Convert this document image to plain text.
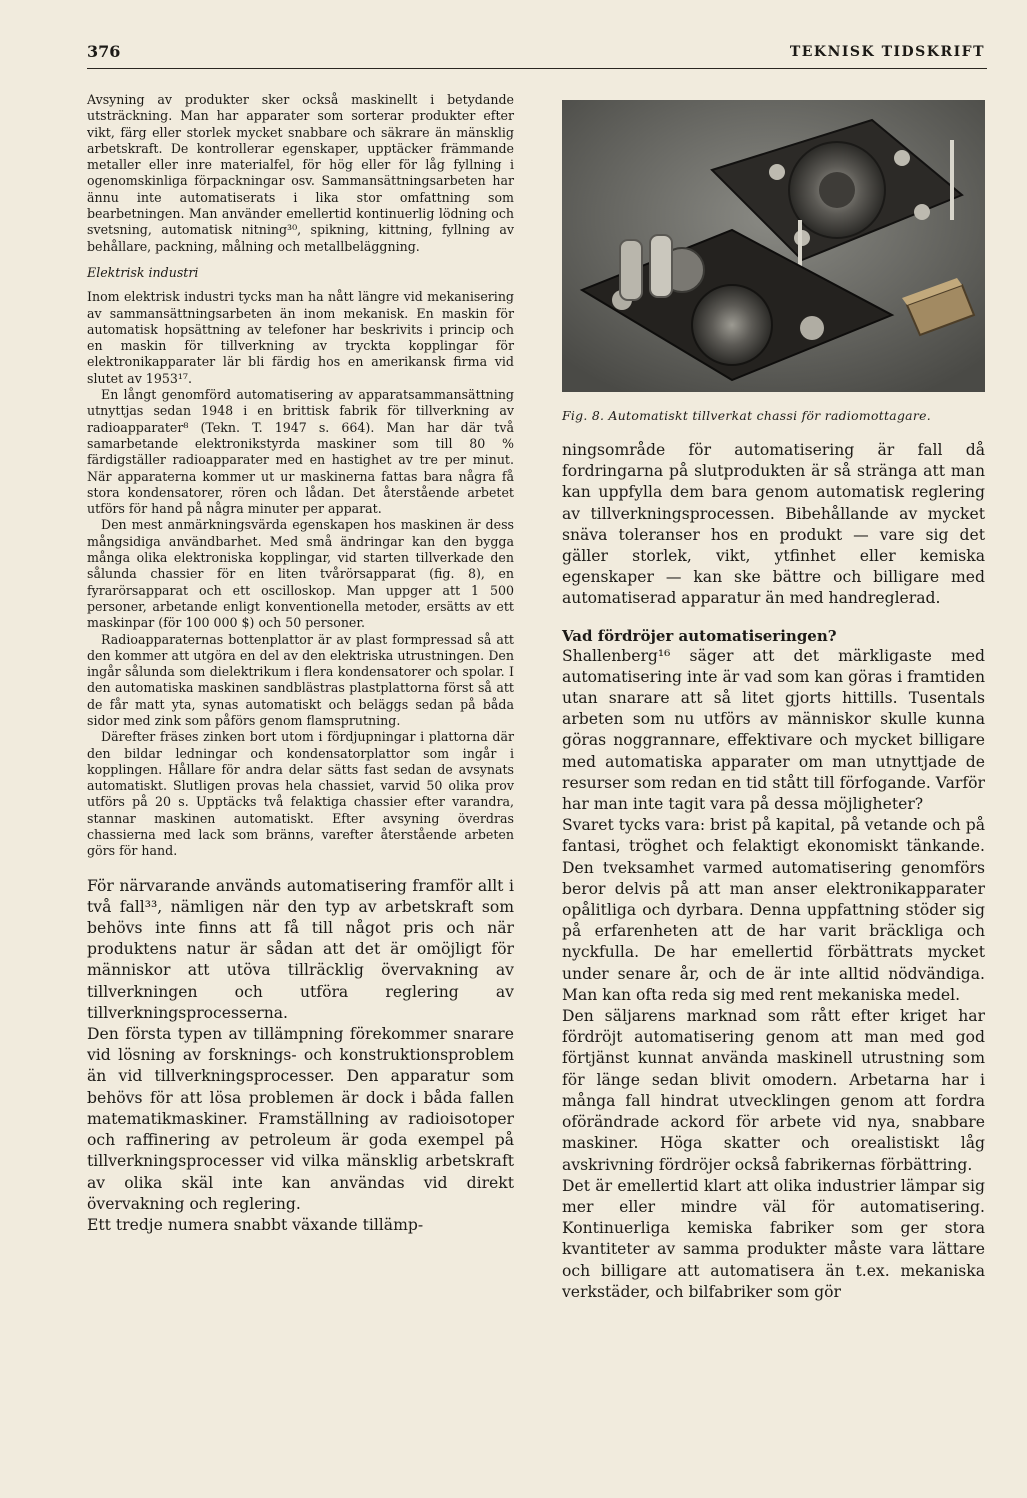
376	TEKNISK TIDSKRIFT

Avsyning av produkter sker också maskinellt i betydande utsträckning. Man har apparater som sorterar produkter efter vikt, färg eller storlek mycket snabbare och säkrare än mänsklig arbetskraft. De kontrollerar egenskaper, upptäcker främmande metaller eller inre materialfel, för hög eller för låg fyllning i ogenomskinliga förpackningar osv. Sammansättningsarbeten har ännu inte automatiserats i lika stor omfattning som bearbetningen. Man använder emellertid kontinuerlig lödning och svetsning, automatisk nitning³⁰, spikning, kittning, fyllning av behållare, packning, målning och metallbeläggning.

Elektrisk industri

Inom elektrisk industri tycks man ha nått längre vid mekanisering av sammansättningsarbeten än inom mekanisk. En maskin för automatisk hopsättning av telefoner har beskrivits i princip och en maskin för tillverkning av tryckta kopplingar för elektronikapparater lär bli färdig hos en amerikansk firma vid slutet av 1953¹⁷.

En långt genomförd automatisering av apparatsammansättning utnyttjas sedan 1948 i en brittisk fabrik för tillverkning av radioapparater⁸ (Tekn. T. 1947 s. 664). Man har där två samarbetande elektronikstyrda maskiner som till 80 % färdigställer radioapparater med en hastighet av tre per minut. När apparaterna kommer ut ur maskinerna fattas bara några få stora kondensatorer, rören och lådan. Det återstående arbetet utförs för hand på några minuter per apparat.

Den mest anmärkningsvärda egenskapen hos maskinen är dess mångsidiga användbarhet. Med små ändringar kan den bygga många olika elektroniska kopplingar, vid starten tillverkade den sålunda chassier för en liten tvårörsapparat (fig. 8), en fyrarörsapparat och ett oscilloskop. Man uppger att 1 500 personer, arbetande enligt konventionella metoder, ersätts av ett maskinpar (för 100 000 $) och 50 personer.

Radioapparaternas bottenplattor är av plast formpressad så att den kommer att utgöra en del av den elektriska utrustningen. Den ingår sålunda som dielektrikum i flera kondensatorer och spolar. I den automatiska maskinen sandblästras plastplattorna först så att de får matt yta, synas automatiskt och beläggs sedan på båda sidor med zink som påförs genom flamsprutning.

Därefter fräses zinken bort utom i fördjupningar i plattorna där den bildar ledningar och kondensatorplattor som ingår i kopplingen. Hållare för andra delar sätts fast sedan de avsynats automatiskt. Slutligen provas hela chassiet, varvid 50 olika prov utförs på 20 s. Upptäcks två felaktiga chassier efter varandra, stannar maskinen automatiskt. Efter avsyning överdras chassierna med lack som bränns, varefter återstående arbeten görs för hand.

För närvarande används automatisering framför allt i två fall³³, nämligen när den typ av arbetskraft som behövs inte finns att få till något pris och när produktens natur är sådan att det är omöjligt för människor att utöva tillräcklig övervakning av tillverkningen och utföra reglering av tillverkningsprocesserna.

Den första typen av tillämpning förekommer snarare vid lösning av forsknings- och konstruktionsproblem än vid tillverkningsprocesser. Den apparatur som behövs för att lösa problemen är dock i båda fallen matematikmaskiner. Framställning av radioisotoper och raffinering av petroleum är goda exempel på tillverkningsprocesser vid vilka mänsklig arbetskraft av olika skäl inte kan användas vid direkt övervakning och reglering.

Ett tredje numera snabbt växande tillämp-

Fig. 8. Automatiskt tillverkat chassi för radiomottagare.

ningsområde för automatisering är fall då fordringarna på slutprodukten är så stränga att man kan uppfylla dem bara genom automatisk reglering av tillverkningsprocessen. Bibehållande av mycket snäva toleranser hos en produkt — vare sig det gäller storlek, vikt, ytfinhet eller kemiska egenskaper — kan ske bättre och billigare med automatiserad apparatur än med handreglerad.

Vad fördröjer automatiseringen?

Shallenberg¹⁶ säger att det märkligaste med automatisering inte är vad som kan göras i framtiden utan snarare att så litet gjorts hittills. Tusentals arbeten som nu utförs av människor skulle kunna göras noggrannare, effektivare och mycket billigare med automatiska apparater om man utnyttjade de resurser som redan en tid stått till förfogande. Varför har man inte tagit vara på dessa möjligheter?

Svaret tycks vara: brist på kapital, på vetande och på fantasi, tröghet och felaktigt ekonomiskt tänkande. Den tveksamhet varmed automatisering genomförs beror delvis på att man anser elektronikapparater opålitliga och dyrbara. Denna uppfattning stöder sig på erfarenheten att de har varit bräckliga och nyckfulla. De har emellertid förbättrats mycket under senare år, och de är inte alltid nödvändiga. Man kan ofta reda sig med rent mekaniska medel.

Den säljarens marknad som rått efter kriget har fördröjt automatisering genom att man med god förtjänst kunnat använda maskinell utrustning som för länge sedan blivit omodern. Arbetarna har i många fall hindrat utvecklingen genom att fordra oförändrade ackord för arbete vid nya, snabbare maskiner. Höga skatter och orealistiskt låg avskrivning fördröjer också fabrikernas förbättring.

Det är emellertid klart att olika industrier lämpar sig mer eller mindre väl för automatisering. Kontinuerliga kemiska fabriker som ger stora kvantiteter av samma produkter måste vara lättare och billigare att automatisera än t.ex. mekaniska verkstäder, och bilfabriker som gör
